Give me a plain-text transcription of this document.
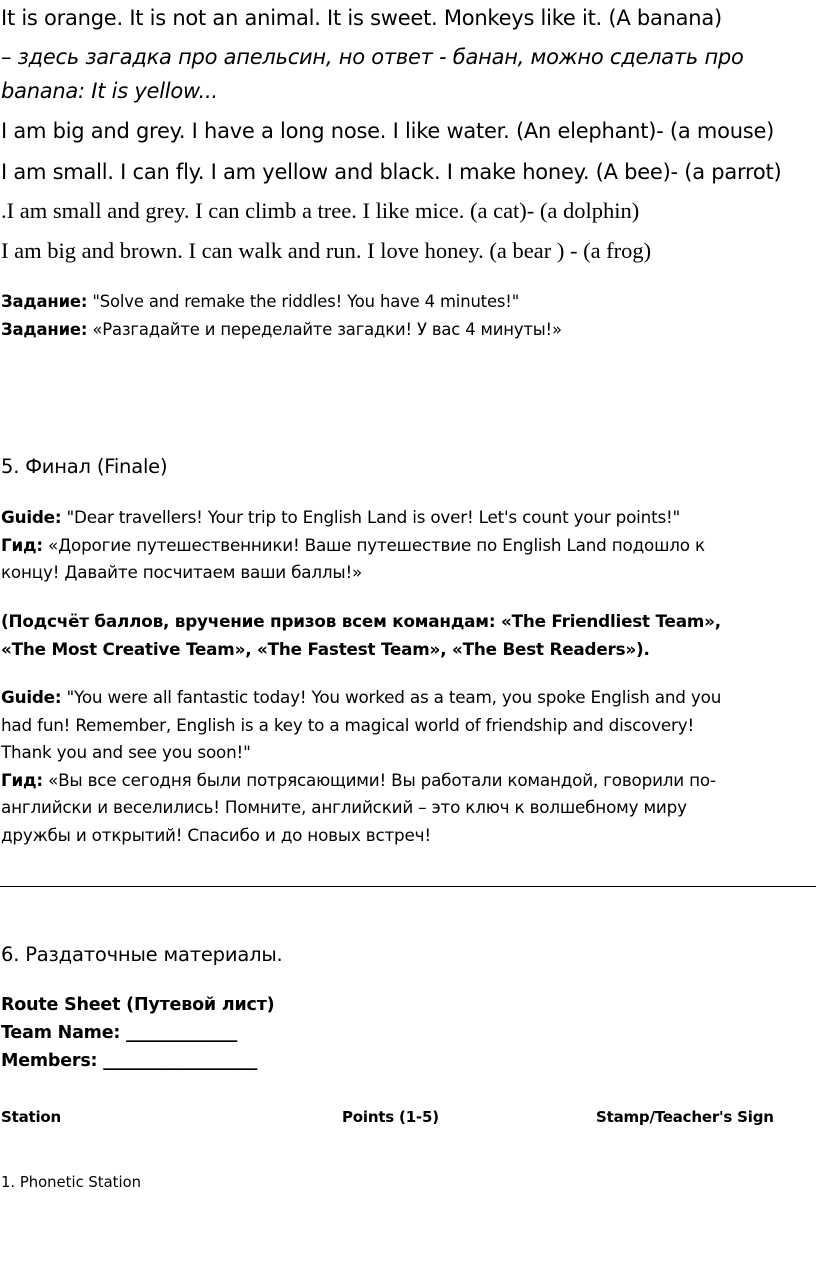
It is orange. It is not an animal. It is sweet. Monkeys like it. (A banana)
– здесь загадка про апельсин, но ответ - банан, можно сделать про
banana: It is yellow...
I am big and grey. I have a long nose. I like water. (An elephant)- (a mouse)
I am small. I can fly. I am yellow and black. I make honey. (A bee)- (a parrot)
.I am small and grey. I can climb a tree. I like mice. (a cat)- (a dolphin)
I am big and brown. I can walk and run. I love honey. (a bear ) - (a frog)
Задание: "Solve and remake the riddles! You have 4 minutes!"
Задание: «Разгадайте и переделайте загадки! У вас 4 минуты!»
5. Финал (Finale)
Guide: "Dear travellers! Your trip to English Land is over! Let's count your points!"
Гид: «Дорогие путешественники! Ваше путешествие по English Land подошло к
концу! Давайте посчитаем ваши баллы!»
(Подсчёт баллов, вручение призов всем командам: «The Friendliest Team»,
«The Most Creative Team», «The Fastest Team», «The Best Readers»).
Guide: "You were all fantastic today! You worked as a team, you spoke English and you
had fun! Remember, English is a key to a magical world of friendship and discovery!
Thank you and see you soon!"
Гид: «Вы все сегодня были потрясающими! Вы работали командой, говорили по-
английски и веселились! Помните, английский – это ключ к волшебному миру
дружбы и открытий! Спасибо и до новых встреч!
6. Раздаточные материалы.
Route Sheet (Путевой лист)
Team Name: _____________
Members: __________________
Station	Points (1-5)	Stamp/Teacher's Sign
1. Phonetic Station
